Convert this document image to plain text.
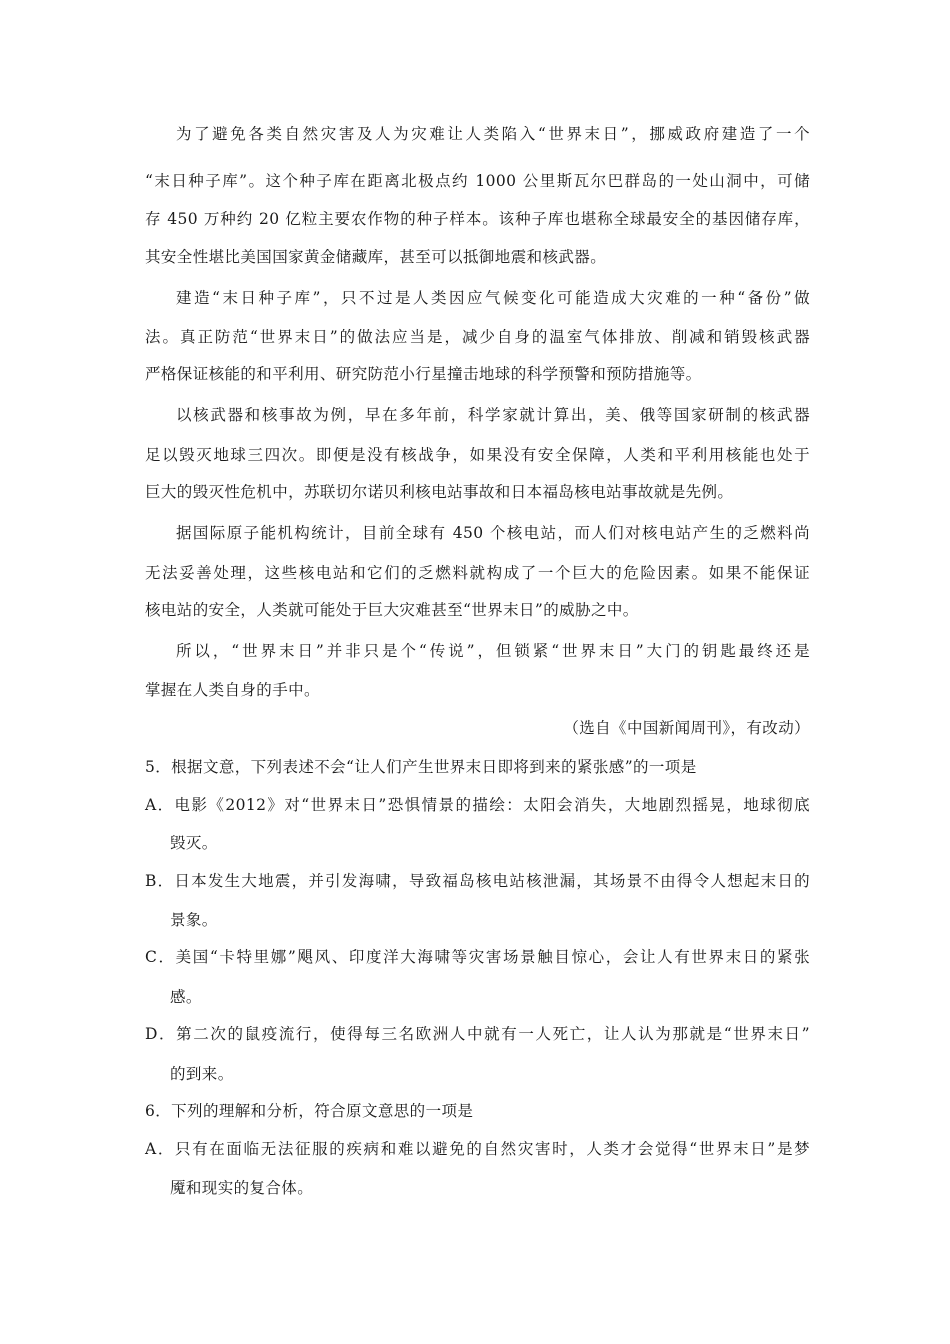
为了避免各类自然灾害及人为灾难让人类陷入“世界末日”，挪威政府建造了一个
“末日种子库”。这个种子库在距离北极点约 1000 公里斯瓦尔巴群岛的一处山洞中，可储
存 450 万种约 20 亿粒主要农作物的种子样本。该种子库也堪称全球最安全的基因储存库，
其安全性堪比美国国家黄金储藏库，甚至可以抵御地震和核武器。
建造“末日种子库”，只不过是人类因应气候变化可能造成大灾难的一种“备份”做
法。真正防范“世界末日”的做法应当是，减少自身的温室气体排放、削减和销毁核武器
严格保证核能的和平利用、研究防范小行星撞击地球的科学预警和预防措施等。
以核武器和核事故为例，早在多年前，科学家就计算出，美、俄等国家研制的核武器
足以毁灭地球三四次。即便是没有核战争，如果没有安全保障，人类和平利用核能也处于
巨大的毁灭性危机中，苏联切尔诺贝利核电站事故和日本福岛核电站事故就是先例。
据国际原子能机构统计，目前全球有 450 个核电站，而人们对核电站产生的乏燃料尚
无法妥善处理，这些核电站和它们的乏燃料就构成了一个巨大的危险因素。如果不能保证
核电站的安全，人类就可能处于巨大灾难甚至“世界末日”的威胁之中。
所以，“世界末日”并非只是个“传说”，但锁紧“世界末日”大门的钥匙最终还是
掌握在人类自身的手中。
（选自《中国新闻周刊》，有改动）
5．根据文意，下列表述不会“让人们产生世界末日即将到来的紧张感”的一项是
A．电影《2012》对“世界末日”恐惧情景的描绘：太阳会消失，大地剧烈摇晃，地球彻底
毁灭。
B．日本发生大地震，并引发海啸，导致福岛核电站核泄漏，其场景不由得令人想起末日的
景象。
C．美国“卡特里娜”飓风、印度洋大海啸等灾害场景触目惊心，会让人有世界末日的紧张
感。
D．第二次的鼠疫流行，使得每三名欧洲人中就有一人死亡，让人认为那就是“世界末日”
的到来。
6．下列的理解和分析，符合原文意思的一项是
A．只有在面临无法征服的疾病和难以避免的自然灾害时，人类才会觉得“世界末日”是梦
魇和现实的复合体。
